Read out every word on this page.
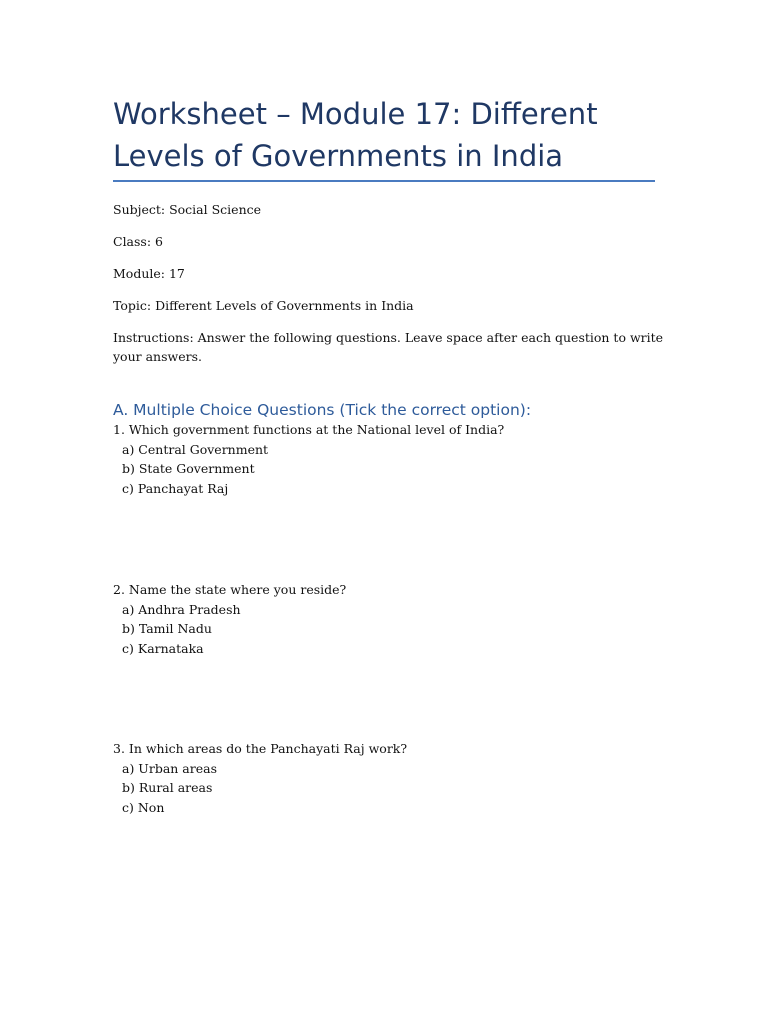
Worksheet – Module 17: Different Levels of Governments in India

Subject: Social Science

Class: 6

Module: 17

Topic: Different Levels of Governments in India

Instructions: Answer the following questions. Leave space after each question to write your answers.

A. Multiple Choice Questions (Tick the correct option):

1. Which government functions at the National level of India?

a) Central Government

b) State Government

c) Panchayat Raj

2. Name the state where you reside?

a) Andhra Pradesh

b) Tamil Nadu

c) Karnataka

3. In which areas do the Panchayati Raj work?

a) Urban areas

b) Rural areas

c) Non
